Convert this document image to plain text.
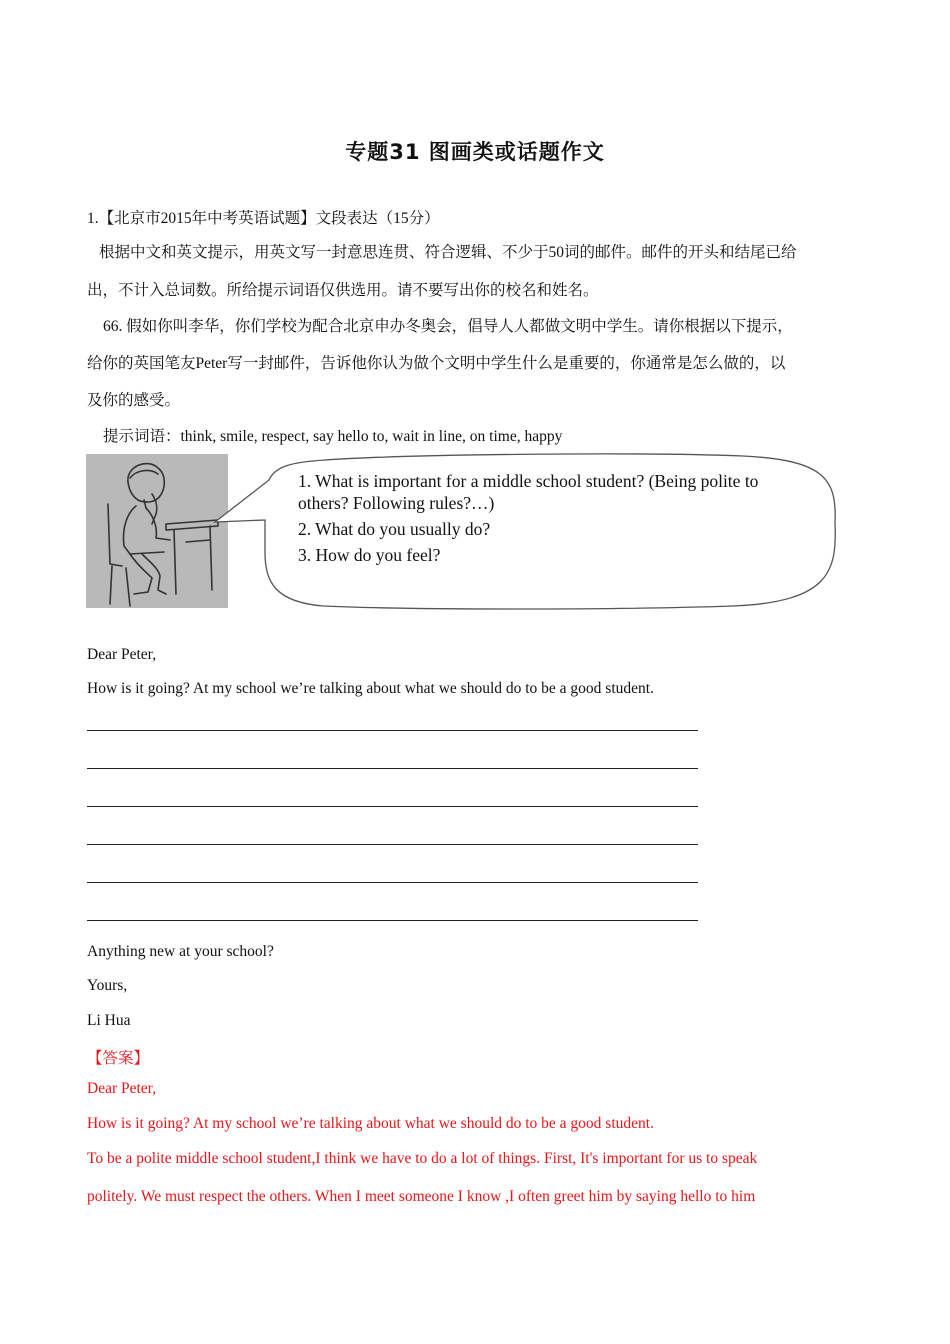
专题31 图画类或话题作文
1.【北京市2015年中考英语试题】文段表达（15分）
根据中文和英文提示，用英文写一封意思连贯、符合逻辑、不少于50词的邮件。邮件的开头和结尾已给
出，不计入总词数。所给提示词语仅供选用。请不要写出你的校名和姓名。
66. 假如你叫李华，你们学校为配合北京申办冬奥会，倡导人人都做文明中学生。请你根据以下提示，
给你的英国笔友Peter写一封邮件，告诉他你认为做个文明中学生什么是重要的，你通常是怎么做的，以
及你的感受。
提示词语：think, smile, respect, say hello to, wait in line, on time, happy
1. What is important for a middle school student? (Being polite to
others? Following rules?…)
2. What do you usually do?
3. How do you feel?
Dear Peter,
How is it going? At my school we’re talking about what we should do to be a good student.
Anything new at your school?
Yours,
Li Hua
【答案】
Dear Peter,
How is it going? At my school we’re talking about what we should do to be a good student.
To be a polite middle school student,I think we have to do a lot of things. First, It's important for us to speak
politely. We must respect the others. When I meet someone I know ,I often greet him by saying hello to him
